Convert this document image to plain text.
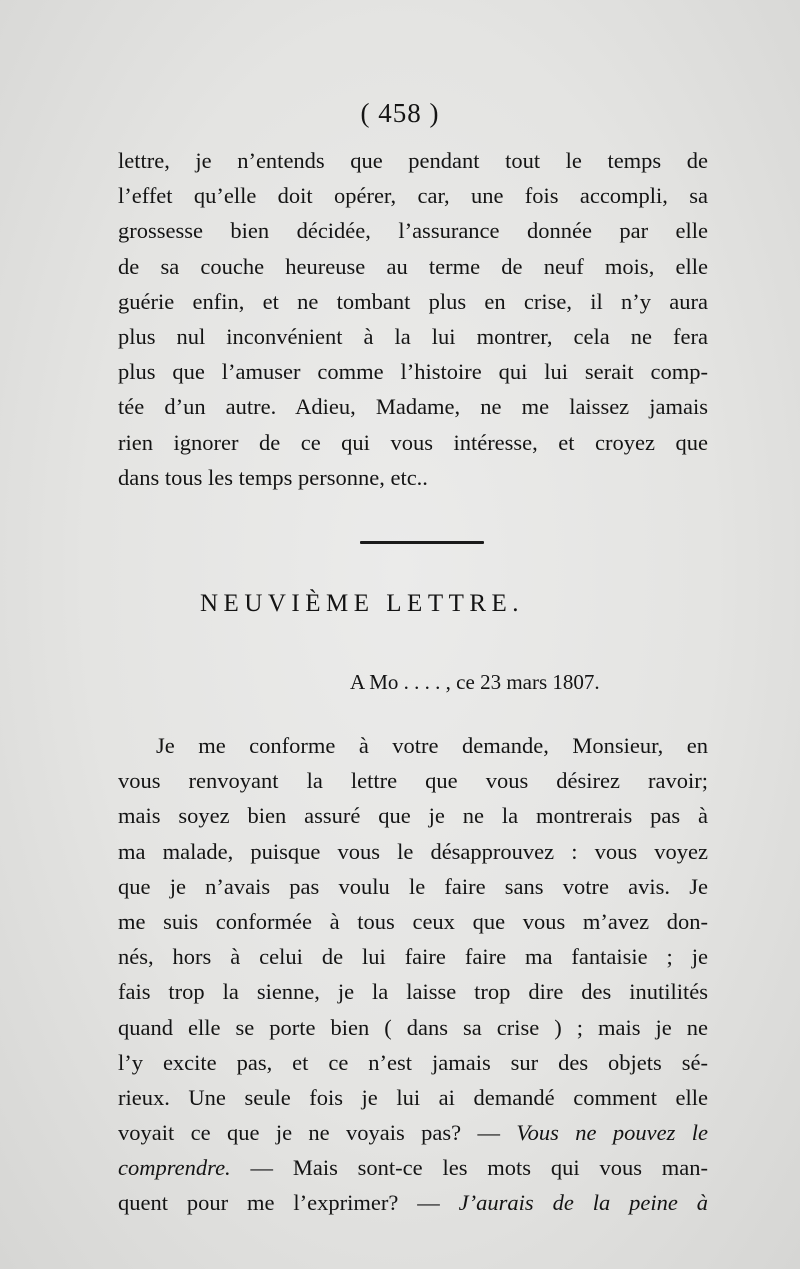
( 458 )
lettre, je n’entends que pendant tout le temps de
l’effet qu’elle doit opérer, car, une fois accompli, sa
grossesse bien décidée, l’assurance donnée par elle
de sa couche heureuse au terme de neuf mois, elle
guérie enfin, et ne tombant plus en crise, il n’y aura
plus nul inconvénient à la lui montrer, cela ne fera
plus que l’amuser comme l’histoire qui lui serait comp-
tée d’un autre. Adieu, Madame, ne me laissez jamais
rien ignorer de ce qui vous intéresse, et croyez que
dans tous les temps personne, etc..
NEUVIÈME LETTRE.
A Mo . . . . , ce 23 mars 1807.
Je me conforme à votre demande, Monsieur, en
vous renvoyant la lettre que vous désirez ravoir;
mais soyez bien assuré que je ne la montrerais pas à
ma malade, puisque vous le désapprouvez : vous voyez
que je n’avais pas voulu le faire sans votre avis. Je
me suis conformée à tous ceux que vous m’avez don-
nés, hors à celui de lui faire faire ma fantaisie ; je
fais trop la sienne, je la laisse trop dire des inutilités
quand elle se porte bien ( dans sa crise ) ; mais je ne
l’y excite pas, et ce n’est jamais sur des objets sé-
rieux. Une seule fois je lui ai demandé comment elle
voyait ce que je ne voyais pas? — Vous ne pouvez le
comprendre. — Mais sont-ce les mots qui vous man-
quent pour me l’exprimer? — J’aurais de la peine à
